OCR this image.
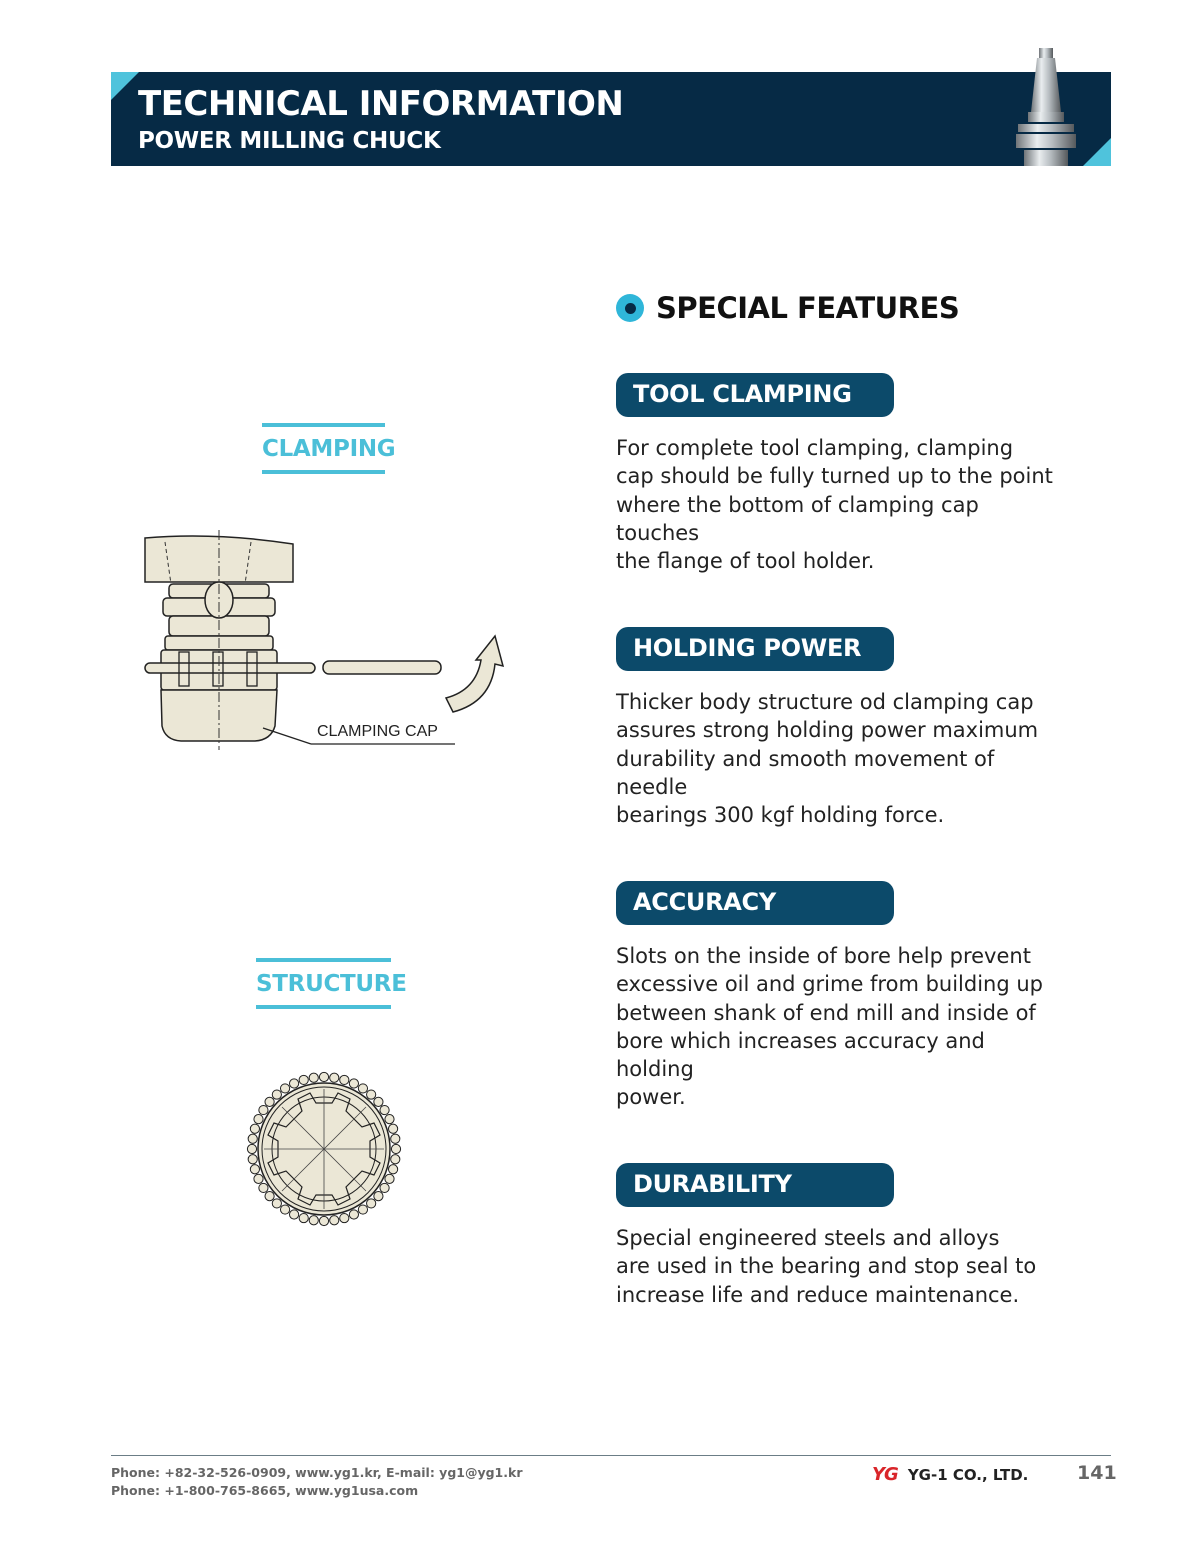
TECHNICAL INFORMATION
POWER MILLING CHUCK
SPECIAL FEATURES
TOOL CLAMPING
For complete tool clamping, clamping
cap should be fully turned up to the point
where the bottom of clamping cap touches
the flange of tool holder.
HOLDING POWER
Thicker body structure od clamping cap
assures strong holding power maximum
durability and smooth movement of needle
bearings 300 kgf holding force.
ACCURACY
Slots on the inside of bore help prevent
excessive oil and grime from building up
between shank of end mill and inside of
bore which increases accuracy and holding
power.
DURABILITY
Special engineered steels and alloys
are used in the bearing and stop seal to
increase life and reduce maintenance.
CLAMPING
CLAMPING CAP
STRUCTURE
Phone: +82-32-526-0909, www.yg1.kr, E-mail: yg1@yg1.kr
Phone: +1-800-765-8665, www.yg1usa.com
YG YG-1 CO., LTD.	141
